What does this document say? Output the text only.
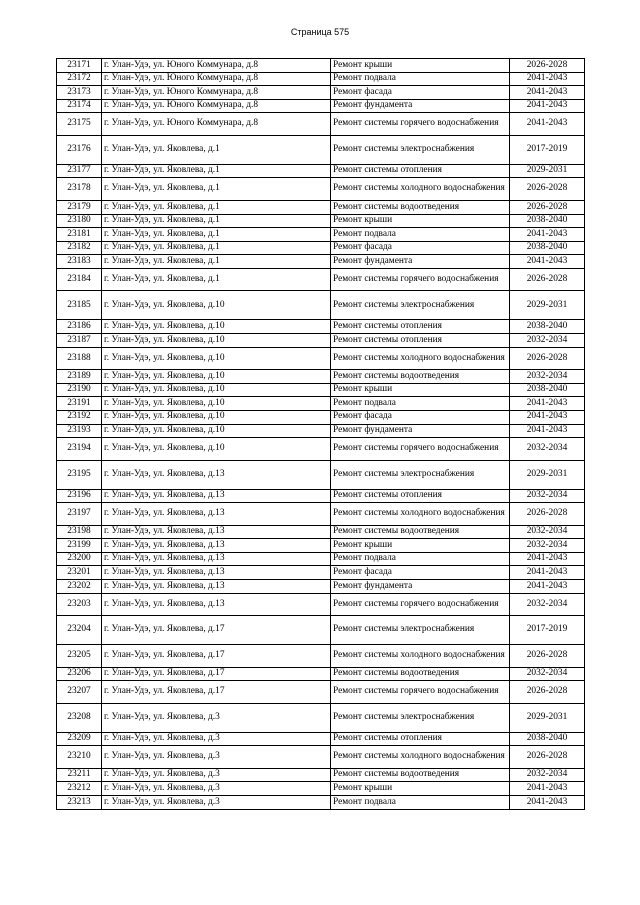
Страница 575
23171	г. Улан-Удэ, ул. Юного Коммунара, д.8	Ремонт крыши	2026-2028
23172	г. Улан-Удэ, ул. Юного Коммунара, д.8	Ремонт подвала	2041-2043
23173	г. Улан-Удэ, ул. Юного Коммунара, д.8	Ремонт фасада	2041-2043
23174	г. Улан-Удэ, ул. Юного Коммунара, д.8	Ремонт фундамента	2041-2043
23175	г. Улан-Удэ, ул. Юного Коммунара, д.8	Ремонт системы горячего водоснабжения	2041-2043
23176	г. Улан-Удэ, ул. Яковлева, д.1	Ремонт системы электроснабжения	2017-2019
23177	г. Улан-Удэ, ул. Яковлева, д.1	Ремонт системы отопления	2029-2031
23178	г. Улан-Удэ, ул. Яковлева, д.1	Ремонт системы холодного водоснабжения	2026-2028
23179	г. Улан-Удэ, ул. Яковлева, д.1	Ремонт системы водоотведения	2026-2028
23180	г. Улан-Удэ, ул. Яковлева, д.1	Ремонт крыши	2038-2040
23181	г. Улан-Удэ, ул. Яковлева, д.1	Ремонт подвала	2041-2043
23182	г. Улан-Удэ, ул. Яковлева, д.1	Ремонт фасада	2038-2040
23183	г. Улан-Удэ, ул. Яковлева, д.1	Ремонт фундамента	2041-2043
23184	г. Улан-Удэ, ул. Яковлева, д.1	Ремонт системы горячего водоснабжения	2026-2028
23185	г. Улан-Удэ, ул. Яковлева, д.10	Ремонт системы электроснабжения	2029-2031
23186	г. Улан-Удэ, ул. Яковлева, д.10	Ремонт системы отопления	2038-2040
23187	г. Улан-Удэ, ул. Яковлева, д.10	Ремонт системы отопления	2032-2034
23188	г. Улан-Удэ, ул. Яковлева, д.10	Ремонт системы холодного водоснабжения	2026-2028
23189	г. Улан-Удэ, ул. Яковлева, д.10	Ремонт системы водоотведения	2032-2034
23190	г. Улан-Удэ, ул. Яковлева, д.10	Ремонт крыши	2038-2040
23191	г. Улан-Удэ, ул. Яковлева, д.10	Ремонт подвала	2041-2043
23192	г. Улан-Удэ, ул. Яковлева, д.10	Ремонт фасада	2041-2043
23193	г. Улан-Удэ, ул. Яковлева, д.10	Ремонт фундамента	2041-2043
23194	г. Улан-Удэ, ул. Яковлева, д.10	Ремонт системы горячего водоснабжения	2032-2034
23195	г. Улан-Удэ, ул. Яковлева, д.13	Ремонт системы электроснабжения	2029-2031
23196	г. Улан-Удэ, ул. Яковлева, д.13	Ремонт системы отопления	2032-2034
23197	г. Улан-Удэ, ул. Яковлева, д.13	Ремонт системы холодного водоснабжения	2026-2028
23198	г. Улан-Удэ, ул. Яковлева, д.13	Ремонт системы водоотведения	2032-2034
23199	г. Улан-Удэ, ул. Яковлева, д.13	Ремонт крыши	2032-2034
23200	г. Улан-Удэ, ул. Яковлева, д.13	Ремонт подвала	2041-2043
23201	г. Улан-Удэ, ул. Яковлева, д.13	Ремонт фасада	2041-2043
23202	г. Улан-Удэ, ул. Яковлева, д.13	Ремонт фундамента	2041-2043
23203	г. Улан-Удэ, ул. Яковлева, д.13	Ремонт системы горячего водоснабжения	2032-2034
23204	г. Улан-Удэ, ул. Яковлева, д.17	Ремонт системы электроснабжения	2017-2019
23205	г. Улан-Удэ, ул. Яковлева, д.17	Ремонт системы холодного водоснабжения	2026-2028
23206	г. Улан-Удэ, ул. Яковлева, д.17	Ремонт системы водоотведения	2032-2034
23207	г. Улан-Удэ, ул. Яковлева, д.17	Ремонт системы горячего водоснабжения	2026-2028
23208	г. Улан-Удэ, ул. Яковлева, д.3	Ремонт системы электроснабжения	2029-2031
23209	г. Улан-Удэ, ул. Яковлева, д.3	Ремонт системы отопления	2038-2040
23210	г. Улан-Удэ, ул. Яковлева, д.3	Ремонт системы холодного водоснабжения	2026-2028
23211	г. Улан-Удэ, ул. Яковлева, д.3	Ремонт системы водоотведения	2032-2034
23212	г. Улан-Удэ, ул. Яковлева, д.3	Ремонт крыши	2041-2043
23213	г. Улан-Удэ, ул. Яковлева, д.3	Ремонт подвала	2041-2043
